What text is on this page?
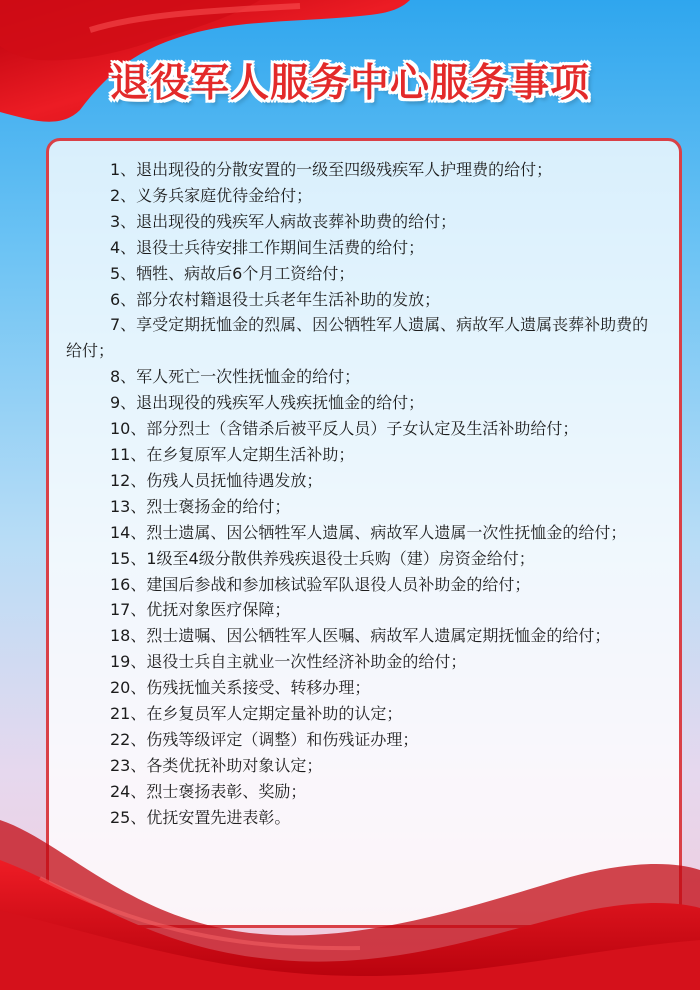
退役军人服务中心服务事项
1、退出现役的分散安置的一级至四级残疾军人护理费的给付；
2、义务兵家庭优待金给付；
3、退出现役的残疾军人病故丧葬补助费的给付；
4、退役士兵待安排工作期间生活费的给付；
5、牺牲、病故后6个月工资给付；
6、部分农村籍退役士兵老年生活补助的发放；
7、享受定期抚恤金的烈属、因公牺牲军人遗属、病故军人遗属丧葬补助费的给付；
8、军人死亡一次性抚恤金的给付；
9、退出现役的残疾军人残疾抚恤金的给付；
10、部分烈士（含错杀后被平反人员）子女认定及生活补助给付；
11、在乡复原军人定期生活补助；
12、伤残人员抚恤待遇发放；
13、烈士褒扬金的给付；
14、烈士遗属、因公牺牲军人遗属、病故军人遗属一次性抚恤金的给付；
15、1级至4级分散供养残疾退役士兵购（建）房资金给付；
16、建国后参战和参加核试验军队退役人员补助金的给付；
17、优抚对象医疗保障；
18、烈士遗嘱、因公牺牲军人医嘱、病故军人遗属定期抚恤金的给付；
19、退役士兵自主就业一次性经济补助金的给付；
20、伤残抚恤关系接受、转移办理；
21、在乡复员军人定期定量补助的认定；
22、伤残等级评定（调整）和伤残证办理；
23、各类优抚补助对象认定；
24、烈士褒扬表彰、奖励；
25、优抚安置先进表彰。
